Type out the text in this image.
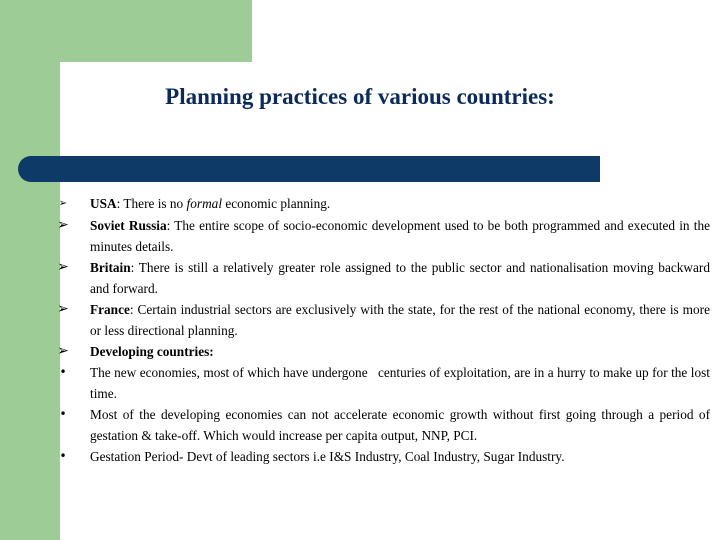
Planning practices of various countries:
➢ USA: There is no formal economic planning.
➢ Soviet Russia: The entire scope of socio-economic development used to be both programmed and executed in the minutes details.
➢ Britain: There is still a relatively greater role assigned to the public sector and nationalisation moving backward and forward.
➢ France: Certain industrial sectors are exclusively with the state, for the rest of the national economy, there is more or less directional planning.
➢ Developing countries:
•	The new economies, most of which have undergone   centuries of exploitation, are in a hurry to make up for the lost time.
•	Most of the developing economies can not accelerate economic growth without first going through a period of gestation & take-off. Which would increase per capita output, NNP, PCI.
•	Gestation Period- Devt of leading sectors i.e I&S Industry, Coal Industry, Sugar Industry.
